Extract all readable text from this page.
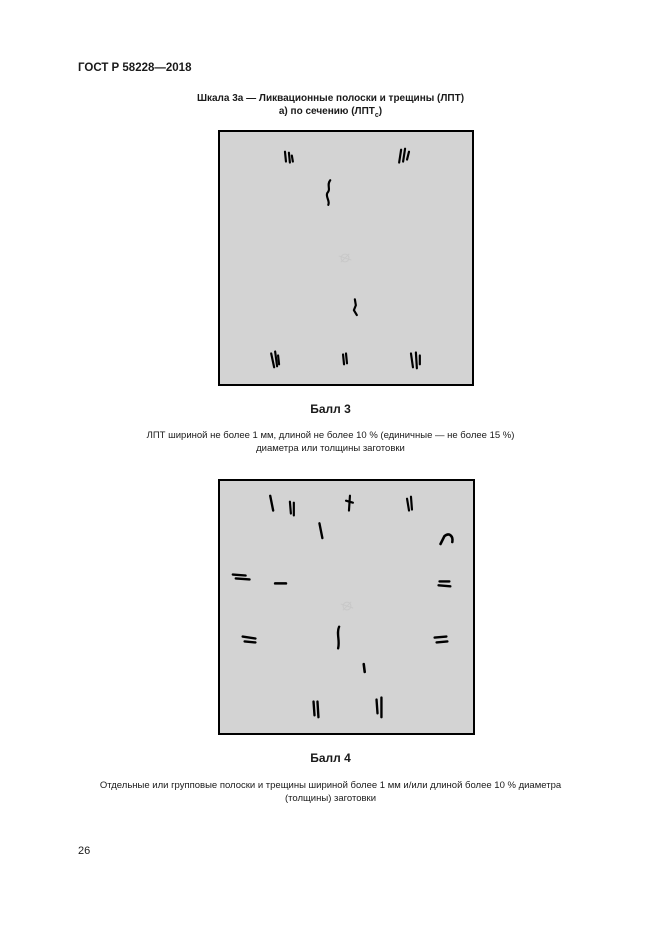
ГОСТ Р 58228—2018
Шкала 3а — Ликвационные полоски и трещины (ЛПТ)
а) по сечению $(ЛПТ_с)$
Балл 3
ЛПТ шириной не более 1 мм, длиной не более 10 % (единичные — не более 15 %)
диаметра или толщины заготовки
Балл 4
Отдельные или групповые полоски и трещины шириной более 1 мм и/или длиной более 10 % диаметра
(толщины) заготовки
26
